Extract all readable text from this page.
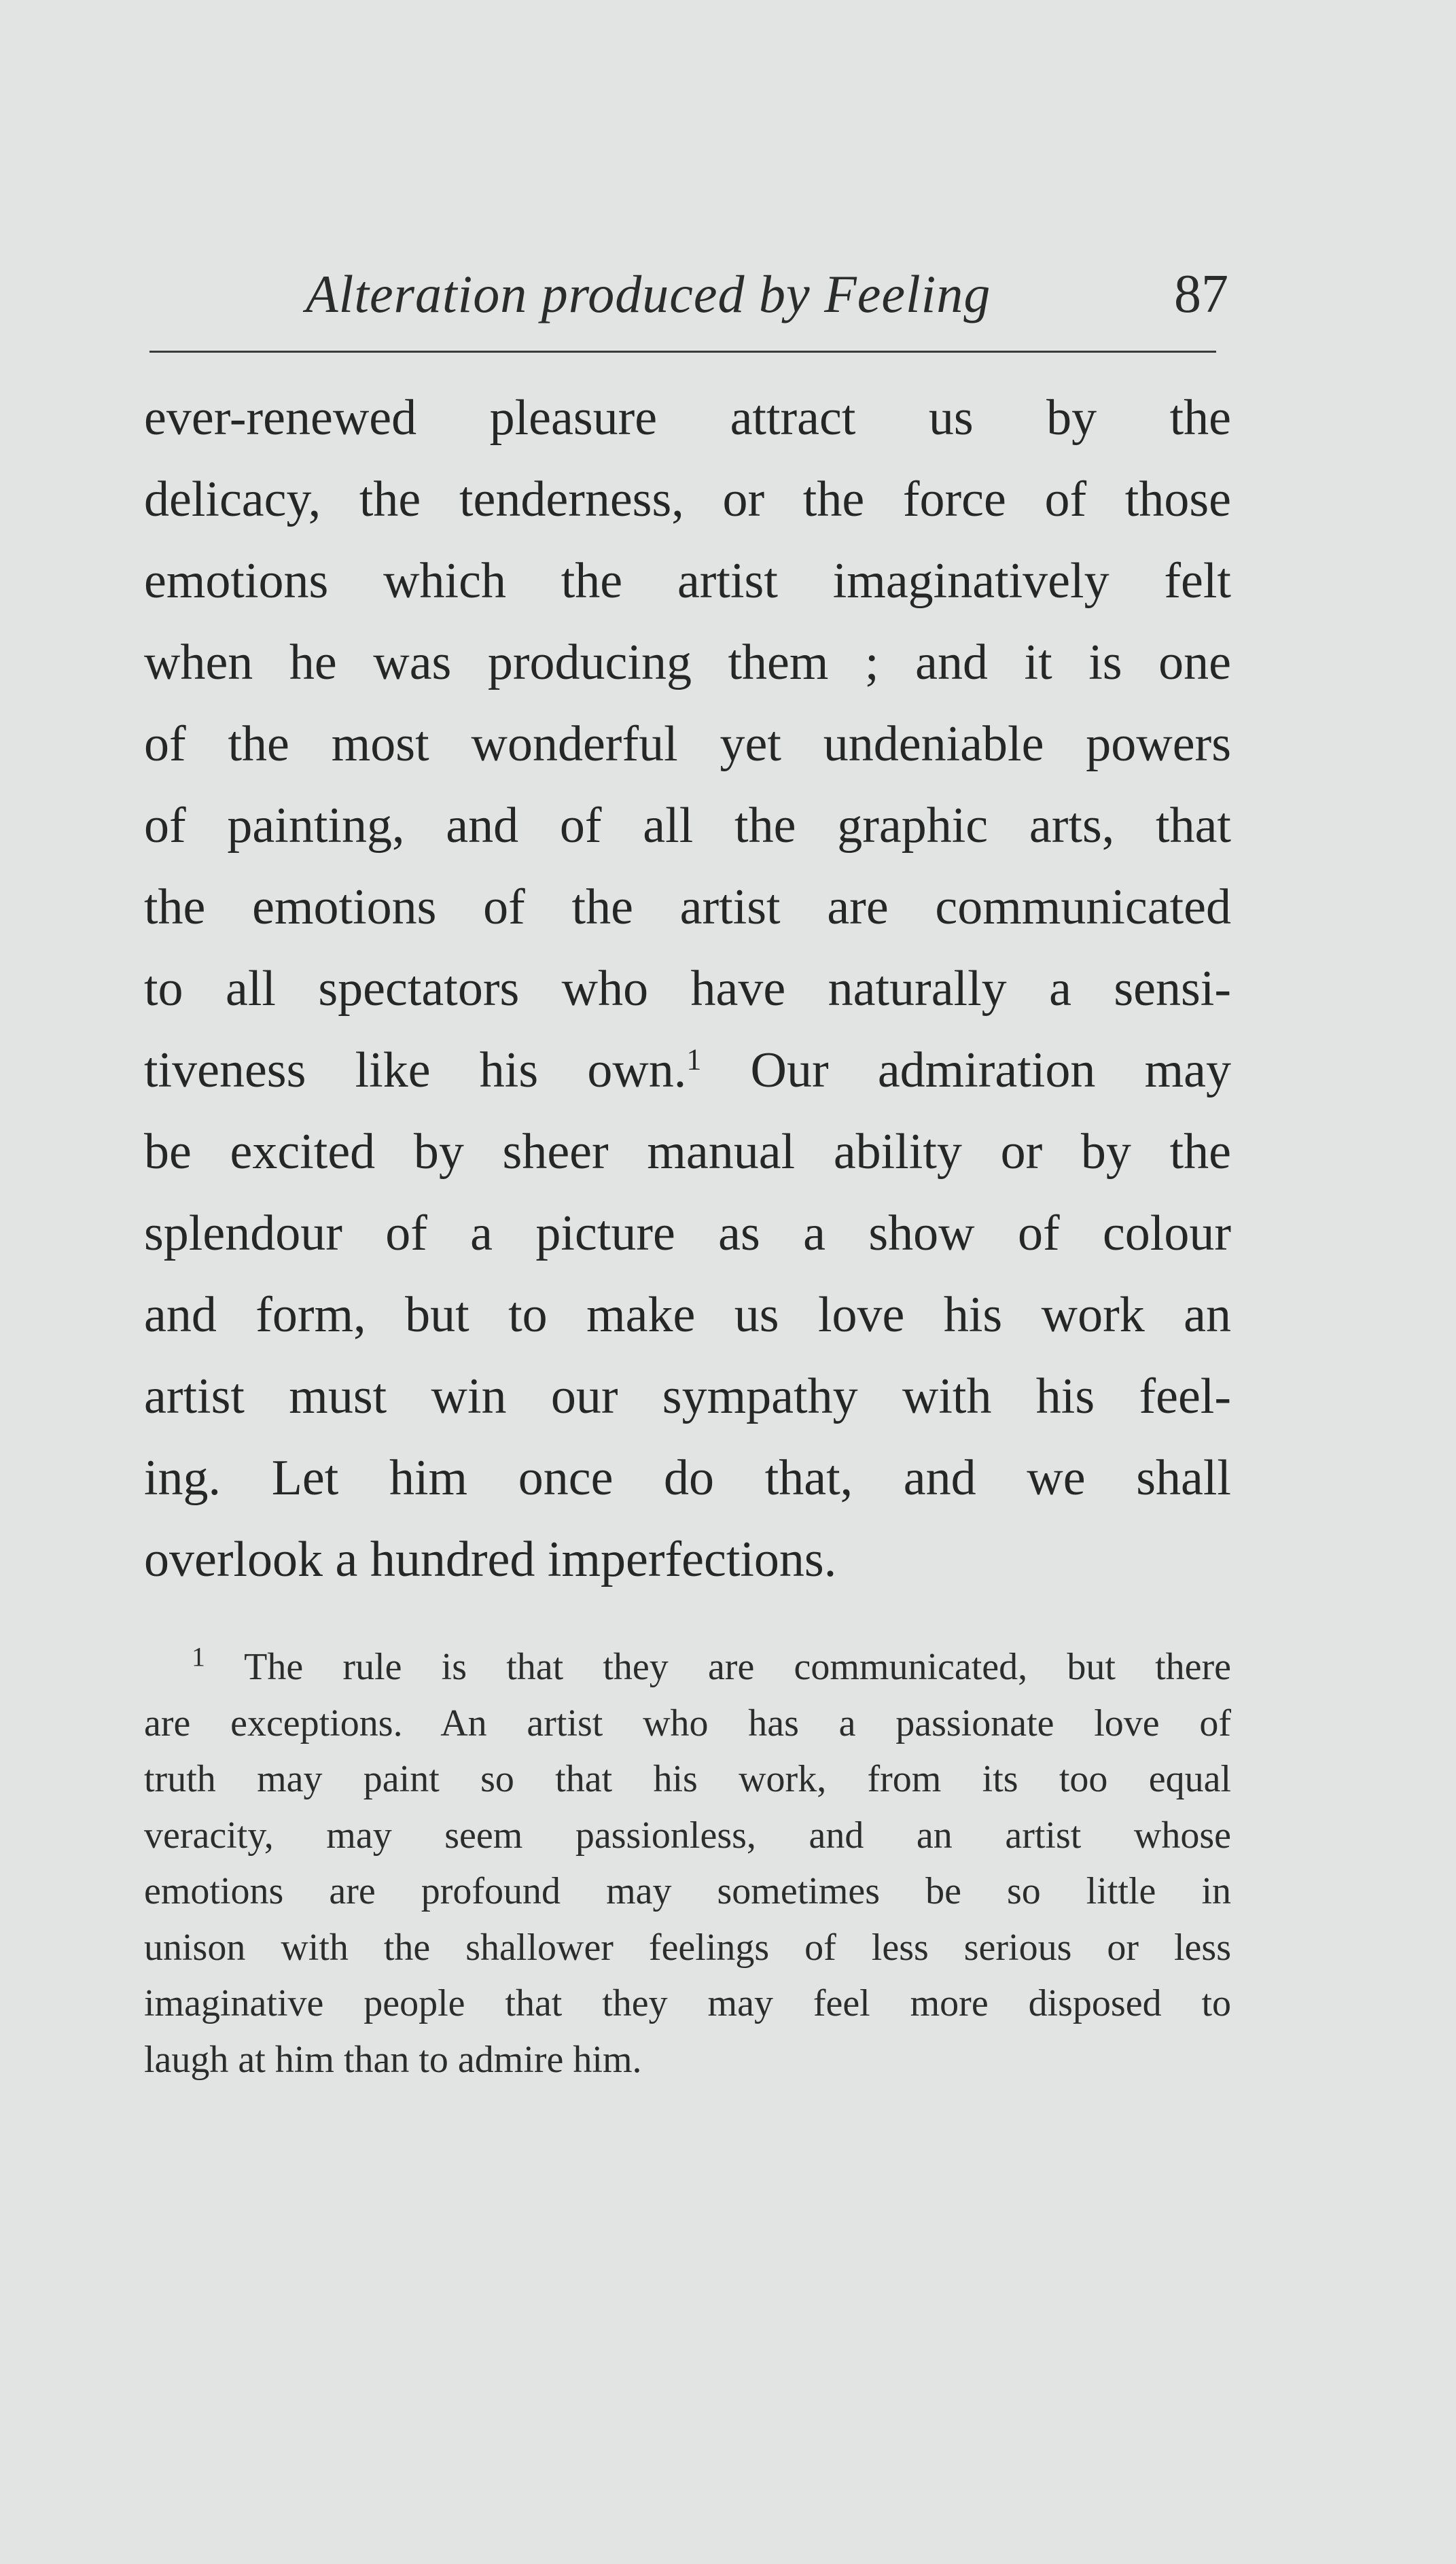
Alteration produced by Feeling	87
ever-renewed pleasure attract us by the
delicacy, the tenderness, or the force of those
emotions which the artist imaginatively felt
when he was producing them ; and it is one
of the most wonderful yet undeniable powers
of painting, and of all the graphic arts, that
the emotions of the artist are communicated
to all spectators who have naturally a sensi-
tiveness like his own.$^1$ Our admiration may
be excited by sheer manual ability or by the
splendour of a picture as a show of colour
and form, but to make us love his work an
artist must win our sympathy with his feel-
ing. Let him once do that, and we shall
overlook a hundred imperfections.
$^1$ The rule is that they are communicated, but there
are exceptions. An artist who has a passionate love of
truth may paint so that his work, from its too equal
veracity, may seem passionless, and an artist whose
emotions are profound may sometimes be so little in
unison with the shallower feelings of less serious or less
imaginative people that they may feel more disposed to
laugh at him than to admire him.
